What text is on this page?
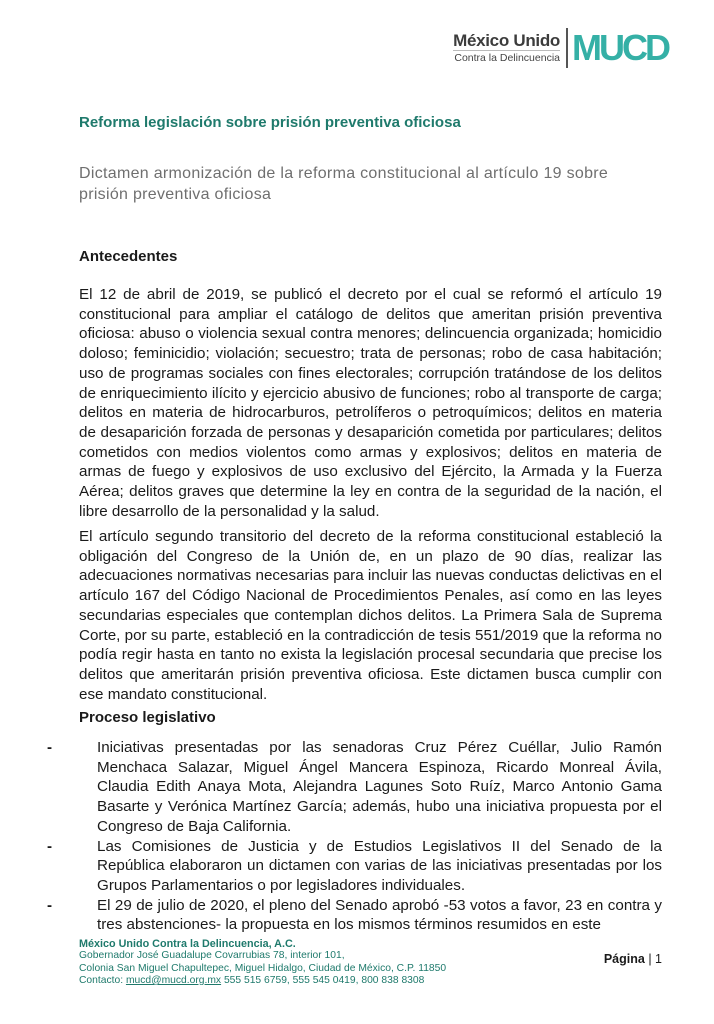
México Unido
Contra la Delincuencia MUCD
Reforma legislación sobre prisión preventiva oficiosa
Dictamen armonización de la reforma constitucional al artículo 19 sobre prisión preventiva oficiosa
Antecedentes
El 12 de abril de 2019, se publicó el decreto por el cual se reformó el artículo 19 constitucional para ampliar el catálogo de delitos que ameritan prisión preventiva oficiosa: abuso o violencia sexual contra menores; delincuencia organizada; homicidio doloso; feminicidio; violación; secuestro; trata de personas; robo de casa habitación; uso de programas sociales con fines electorales; corrupción tratándose de los delitos de enriquecimiento ilícito y ejercicio abusivo de funciones; robo al transporte de carga; delitos en materia de hidrocarburos, petrolíferos o petroquímicos; delitos en materia de desaparición forzada de personas y desaparición cometida por particulares; delitos cometidos con medios violentos como armas y explosivos; delitos en materia de armas de fuego y explosivos de uso exclusivo del Ejército, la Armada y la Fuerza Aérea; delitos graves que determine la ley en contra de la seguridad de la nación, el libre desarrollo de la personalidad y la salud.
El artículo segundo transitorio del decreto de la reforma constitucional estableció la obligación del Congreso de la Unión de, en un plazo de 90 días, realizar las adecuaciones normativas necesarias para incluir las nuevas conductas delictivas en el artículo 167 del Código Nacional de Procedimientos Penales, así como en las leyes secundarias especiales que contemplan dichos delitos. La Primera Sala de Suprema Corte, por su parte, estableció en la contradicción de tesis 551/2019 que la reforma no podía regir hasta en tanto no exista la legislación procesal secundaria que precise los delitos que ameritarán prisión preventiva oficiosa. Este dictamen busca cumplir con ese mandato constitucional.
Proceso legislativo
-	Iniciativas presentadas por las senadoras Cruz Pérez Cuéllar, Julio Ramón Menchaca Salazar, Miguel Ángel Mancera Espinoza, Ricardo Monreal Ávila, Claudia Edith Anaya Mota, Alejandra Lagunes Soto Ruíz, Marco Antonio Gama Basarte y Verónica Martínez García; además, hubo una iniciativa propuesta por el Congreso de Baja California.
-	Las Comisiones de Justicia y de Estudios Legislativos II del Senado de la República elaboraron un dictamen con varias de las iniciativas presentadas por los Grupos Parlamentarios o por legisladores individuales.
-	El 29 de julio de 2020, el pleno del Senado aprobó -53 votos a favor, 23 en contra y tres abstenciones- la propuesta en los mismos términos resumidos en este
México Unido Contra la Delincuencia, A.C.
Gobernador José Guadalupe Covarrubias 78, interior 101,
Colonia San Miguel Chapultepec, Miguel Hidalgo, Ciudad de México, C.P. 11850
Contacto: mucd@mucd.org.mx 555 515 6759, 555 545 0419, 800 838 8308
Página | 1
